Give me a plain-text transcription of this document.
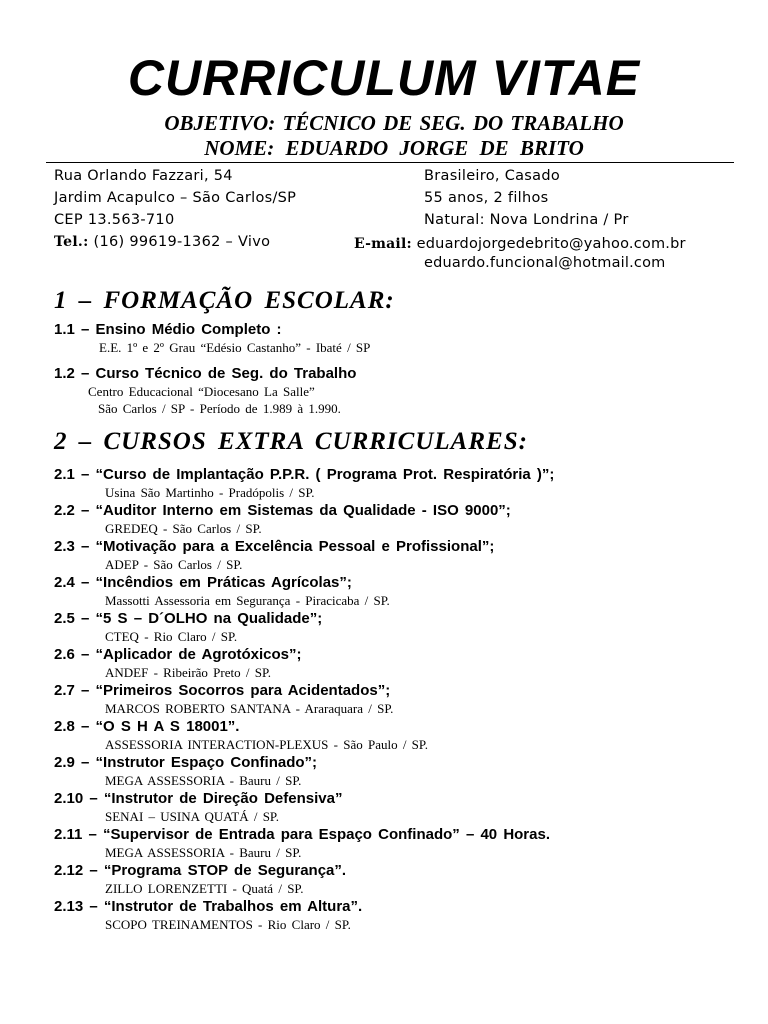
CURRICULUM VITAE
OBJETIVO: TÉCNICO DE SEG. DO TRABALHO
NOME: EDUARDO JORGE DE BRITO
Rua Orlando Fazzari, 54
Jardim Acapulco – São Carlos/SP
CEP 13.563-710
Tel.: (16) 99619-1362 – Vivo
Brasileiro, Casado
55 anos, 2 filhos
Natural: Nova Londrina / Pr
E-mail: eduardojorgedebrito@yahoo.com.br
eduardo.funcional@hotmail.com
1 – FORMAÇÃO ESCOLAR:
1.1 – Ensino Médio Completo :
E.E. 1º e 2º Grau “Edésio Castanho” - Ibaté / SP
1.2 – Curso Técnico de Seg. do Trabalho
Centro Educacional “Diocesano La Salle”
São Carlos / SP - Período de 1.989 à 1.990.
2 – CURSOS EXTRA CURRICULARES:
2.1 – “Curso de Implantação P.P.R. ( Programa Prot. Respiratória )”;
Usina São Martinho - Pradópolis / SP.
2.2 – “Auditor Interno em Sistemas da Qualidade - ISO 9000”;
GREDEQ - São Carlos / SP.
2.3 – “Motivação para a Excelência Pessoal e Profissional”;
ADEP - São Carlos / SP.
2.4 – “Incêndios em Práticas Agrícolas”;
Massotti Assessoria em Segurança - Piracicaba / SP.
2.5 – “5 S – D´OLHO na Qualidade”;
CTEQ - Rio Claro / SP.
2.6 – “Aplicador de Agrotóxicos”;
ANDEF - Ribeirão Preto / SP.
2.7 – “Primeiros Socorros para Acidentados”;
MARCOS ROBERTO SANTANA - Araraquara / SP.
2.8 – “O S H A S 18001”.
ASSESSORIA INTERACTION-PLEXUS - São Paulo / SP.
2.9 – “Instrutor Espaço Confinado”;
MEGA ASSESSORIA - Bauru / SP.
2.10 – “Instrutor de Direção Defensiva”
SENAI – USINA QUATÁ / SP.
2.11 – “Supervisor de Entrada para Espaço Confinado” – 40 Horas.
MEGA ASSESSORIA - Bauru / SP.
2.12 – “Programa STOP de Segurança”.
ZILLO LORENZETTI - Quatá / SP.
2.13 – “Instrutor de Trabalhos em Altura”.
SCOPO TREINAMENTOS - Rio Claro / SP.
